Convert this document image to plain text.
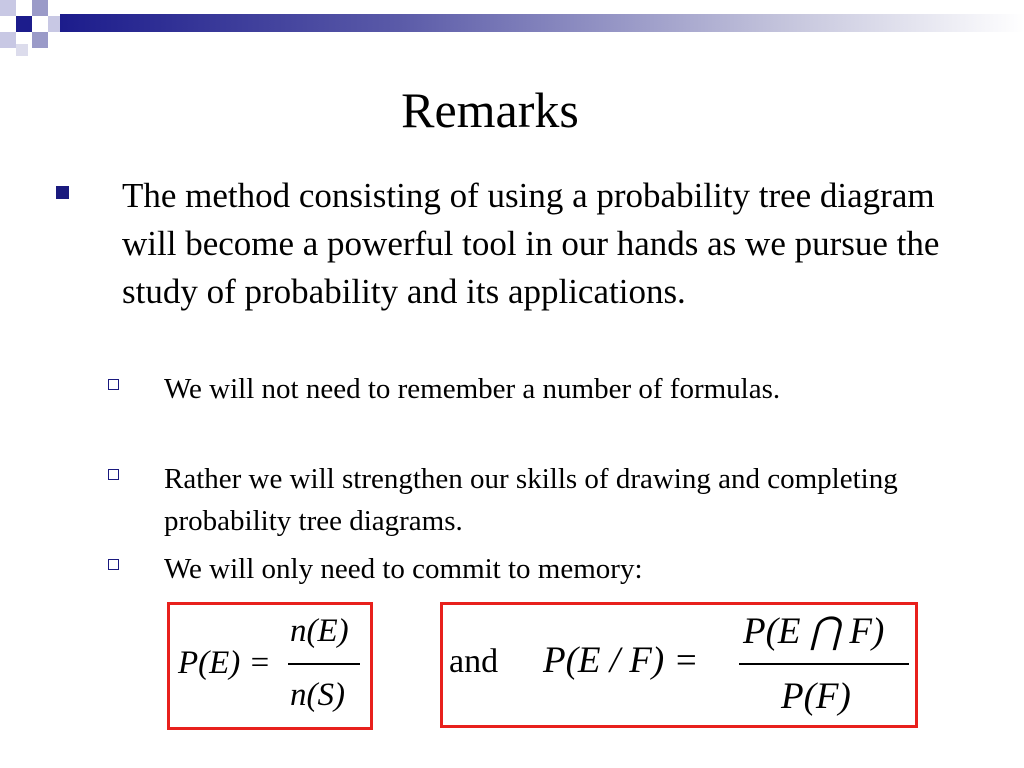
Remarks
The method consisting of using a probability tree diagram will become a powerful tool in our hands as we pursue the study of probability and its applications.
We will not need to remember a number of formulas.
Rather we will strengthen our skills of drawing and completing probability tree diagrams.
We will only need to commit to memory:
P(E) =
n(E)
n(S)
and P(E / F) =
P(E ⋂ F)
P(F)
